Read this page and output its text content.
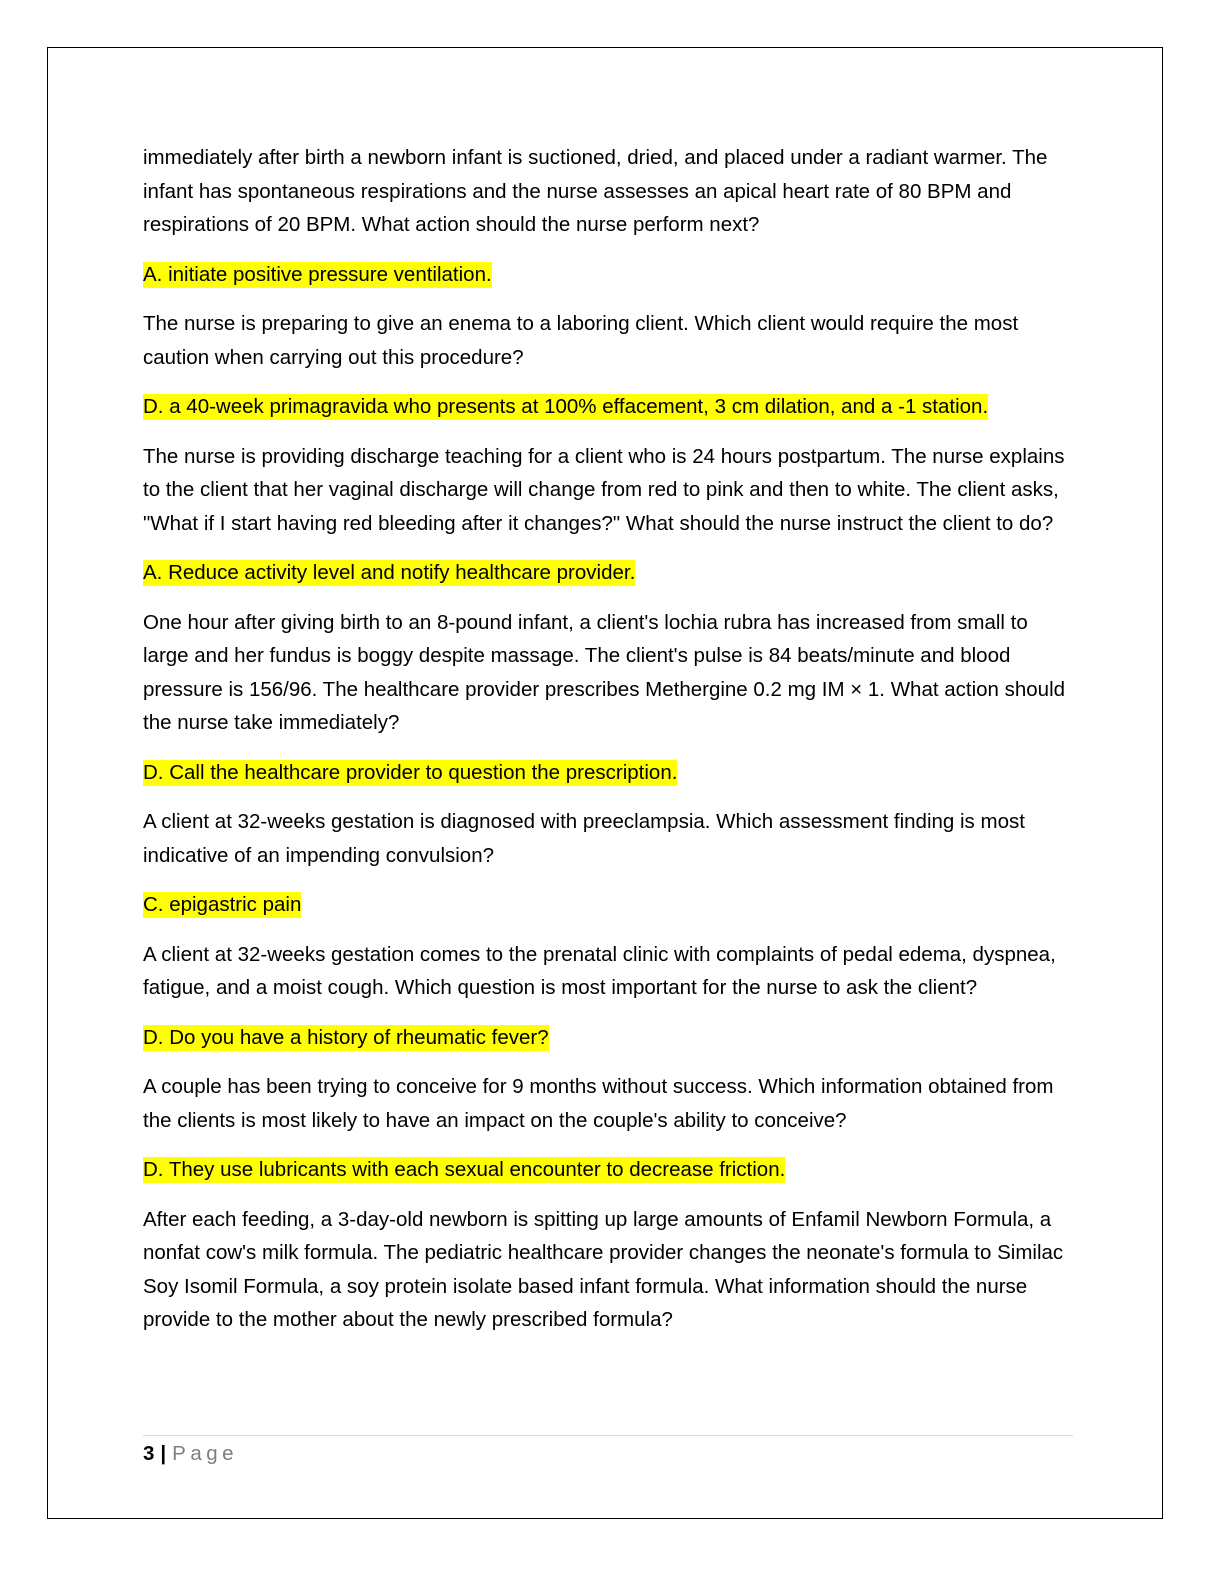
immediately after birth a newborn infant is suctioned, dried, and placed under a radiant warmer. The infant has spontaneous respirations and the nurse assesses an apical heart rate of 80 BPM and respirations of 20 BPM. What action should the nurse perform next?

A. initiate positive pressure ventilation.

The nurse is preparing to give an enema to a laboring client. Which client would require the most caution when carrying out this procedure?

D. a 40-week primagravida who presents at 100% effacement, 3 cm dilation, and a -1 station.

The nurse is providing discharge teaching for a client who is 24 hours postpartum. The nurse explains to the client that her vaginal discharge will change from red to pink and then to white. The client asks, "What if I start having red bleeding after it changes?" What should the nurse instruct the client to do?

A. Reduce activity level and notify healthcare provider.

One hour after giving birth to an 8-pound infant, a client's lochia rubra has increased from small to large and her fundus is boggy despite massage. The client's pulse is 84 beats/minute and blood pressure is 156/96. The healthcare provider prescribes Methergine 0.2 mg IM × 1. What action should the nurse take immediately?

D. Call the healthcare provider to question the prescription.

A client at 32-weeks gestation is diagnosed with preeclampsia. Which assessment finding is most indicative of an impending convulsion?

C. epigastric pain

A client at 32-weeks gestation comes to the prenatal clinic with complaints of pedal edema, dyspnea, fatigue, and a moist cough. Which question is most important for the nurse to ask the client?

D. Do you have a history of rheumatic fever?

A couple has been trying to conceive for 9 months without success. Which information obtained from the clients is most likely to have an impact on the couple's ability to conceive?

D. They use lubricants with each sexual encounter to decrease friction.

After each feeding, a 3-day-old newborn is spitting up large amounts of Enfamil Newborn Formula, a nonfat cow's milk formula. The pediatric healthcare provider changes the neonate's formula to Similac Soy Isomil Formula, a soy protein isolate based infant formula. What information should the nurse provide to the mother about the newly prescribed formula?

3 | Page
